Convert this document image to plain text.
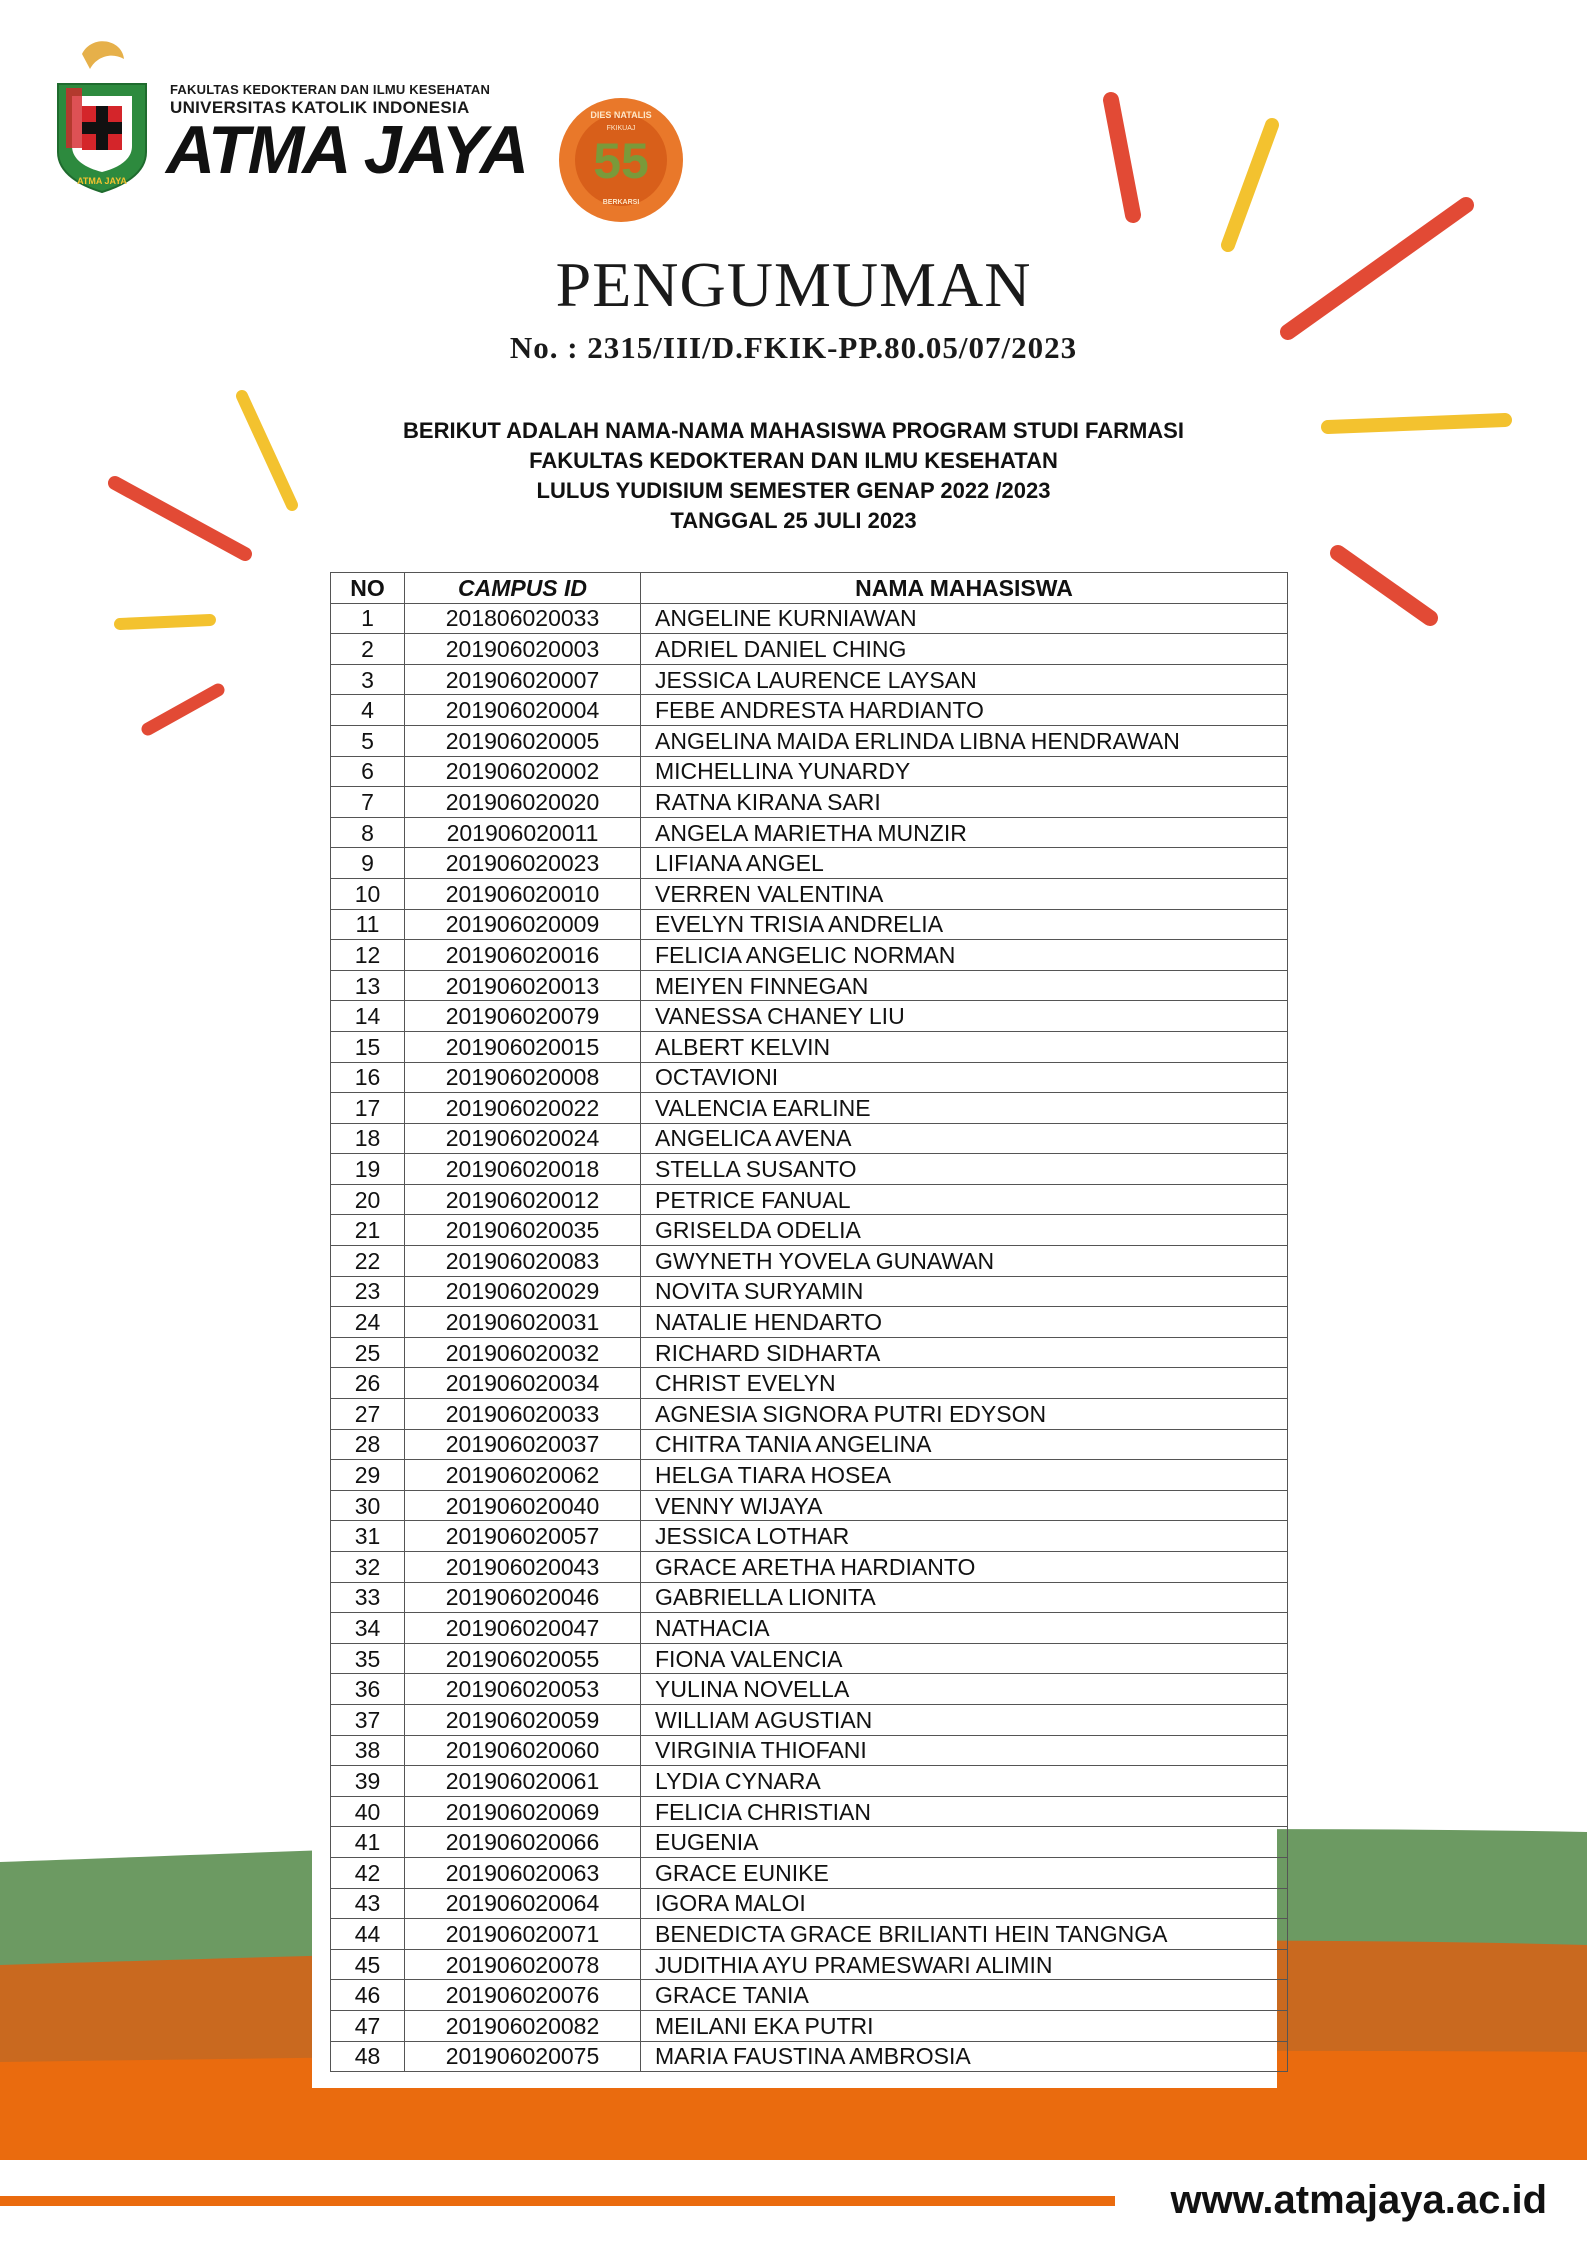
ATMA JAYA
FAKULTAS KEDOKTERAN DAN ILMU KESEHATAN
UNIVERSITAS KATOLIK INDONESIA
ATMA JAYA	DIES NATALIS
FKIKUAJ
55
BERKARSI
PENGUMUMAN
No. : 2315/III/D.FKIK-PP.80.05/07/2023
BERIKUT ADALAH NAMA-NAMA MAHASISWA PROGRAM STUDI FARMASI
FAKULTAS KEDOKTERAN DAN ILMU KESEHATAN
LULUS YUDISIUM SEMESTER GENAP 2022 /2023
TANGGAL 25 JULI 2023
NO	CAMPUS ID	NAMA MAHASISWA
1	201806020033	ANGELINE KURNIAWAN
2	201906020003	ADRIEL DANIEL CHING
3	201906020007	JESSICA LAURENCE LAYSAN
4	201906020004	FEBE ANDRESTA HARDIANTO
5	201906020005	ANGELINA MAIDA ERLINDA LIBNA HENDRAWAN
6	201906020002	MICHELLINA YUNARDY
7	201906020020	RATNA KIRANA SARI
8	201906020011	ANGELA MARIETHA MUNZIR
9	201906020023	LIFIANA ANGEL
10	201906020010	VERREN VALENTINA
11	201906020009	EVELYN TRISIA ANDRELIA
12	201906020016	FELICIA ANGELIC NORMAN
13	201906020013	MEIYEN FINNEGAN
14	201906020079	VANESSA CHANEY LIU
15	201906020015	ALBERT KELVIN
16	201906020008	OCTAVIONI
17	201906020022	VALENCIA EARLINE
18	201906020024	ANGELICA AVENA
19	201906020018	STELLA SUSANTO
20	201906020012	PETRICE FANUAL
21	201906020035	GRISELDA ODELIA
22	201906020083	GWYNETH YOVELA GUNAWAN
23	201906020029	NOVITA SURYAMIN
24	201906020031	NATALIE HENDARTO
25	201906020032	RICHARD SIDHARTA
26	201906020034	CHRIST EVELYN
27	201906020033	AGNESIA SIGNORA PUTRI EDYSON
28	201906020037	CHITRA TANIA ANGELINA
29	201906020062	HELGA TIARA HOSEA
30	201906020040	VENNY WIJAYA
31	201906020057	JESSICA LOTHAR
32	201906020043	GRACE ARETHA HARDIANTO
33	201906020046	GABRIELLA LIONITA
34	201906020047	NATHACIA
35	201906020055	FIONA VALENCIA
36	201906020053	YULINA NOVELLA
37	201906020059	WILLIAM AGUSTIAN
38	201906020060	VIRGINIA THIOFANI
39	201906020061	LYDIA CYNARA
40	201906020069	FELICIA CHRISTIAN
41	201906020066	EUGENIA
42	201906020063	GRACE EUNIKE
43	201906020064	IGORA MALOI
44	201906020071	BENEDICTA GRACE BRILIANTI HEIN TANGNGA
45	201906020078	JUDITHIA AYU PRAMESWARI ALIMIN
46	201906020076	GRACE TANIA
47	201906020082	MEILANI EKA PUTRI
48	201906020075	MARIA FAUSTINA AMBROSIA
www.atmajaya.ac.id
